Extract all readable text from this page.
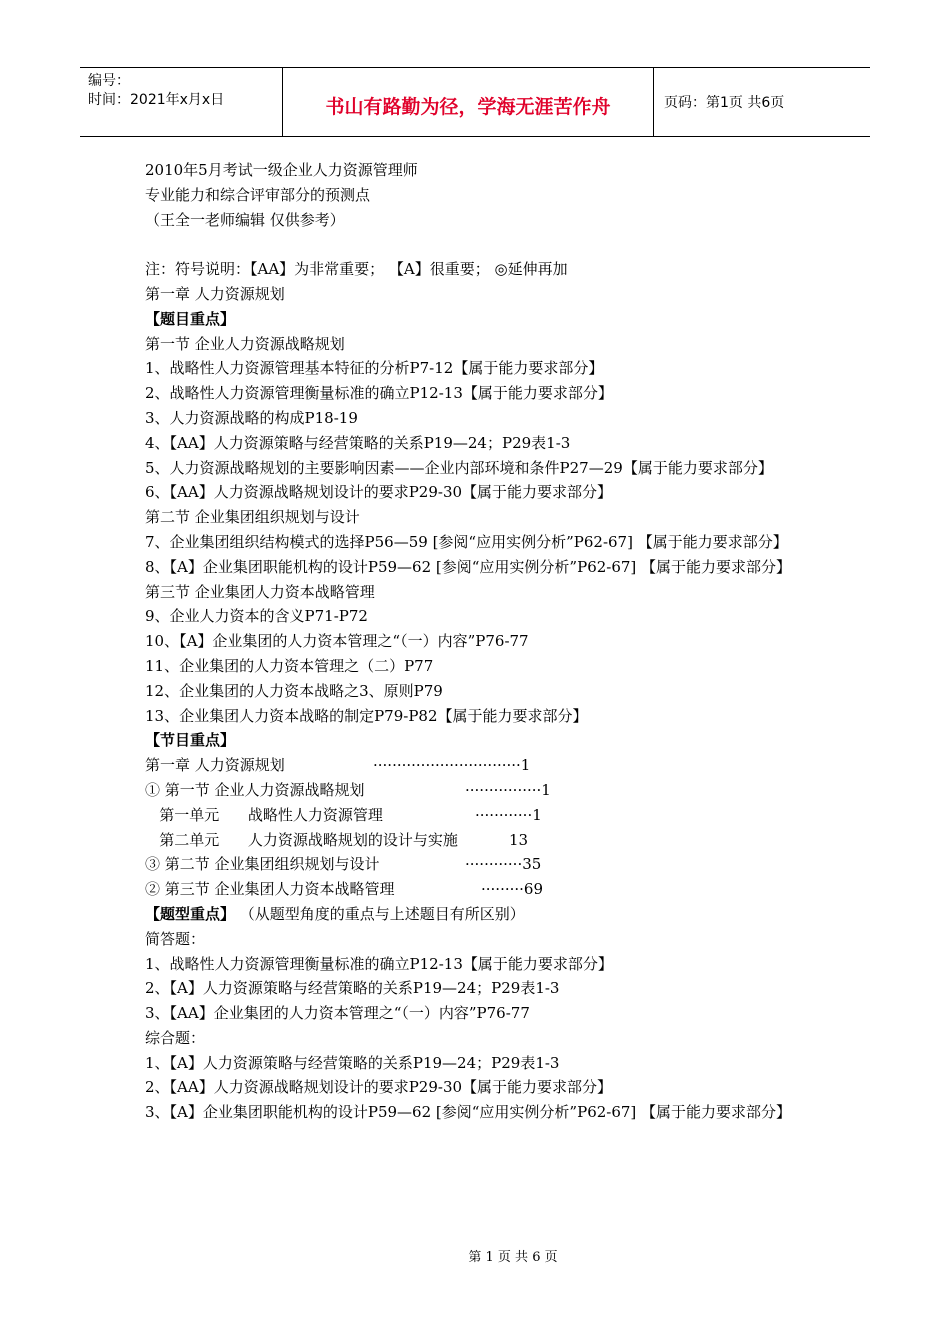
编号：
时间：2021年x月x日	书山有路勤为径，学海无涯苦作舟	页码：第1页 共6页
2010年5月考试一级企业人力资源管理师
专业能力和综合评审部分的预测点
（王全一老师编辑 仅供参考）
注：符号说明：【AA】为非常重要； 【A】很重要； ◎延伸再加
第一章 人力资源规划
【题目重点】
第一节 企业人力资源战略规划
1、战略性人力资源管理基本特征的分析P7-12【属于能力要求部分】
2、战略性人力资源管理衡量标准的确立P12-13【属于能力要求部分】
3、人力资源战略的构成P18-19
4、【AA】人力资源策略与经营策略的关系P19—24；P29表1-3
5、人力资源战略规划的主要影响因素——企业内部环境和条件P27—29【属于能力要求部分】
6、【AA】人力资源战略规划设计的要求P29-30【属于能力要求部分】
第二节 企业集团组织规划与设计
7、企业集团组织结构模式的选择P56—59 [参阅“应用实例分析”P62-67] 【属于能力要求部分】
8、【A】企业集团职能机构的设计P59—62 [参阅“应用实例分析”P62-67] 【属于能力要求部分】
第三节 企业集团人力资本战略管理
9、企业人力资本的含义P71-P72
10、【A】企业集团的人力资本管理之“（一）内容”P76-77
11、企业集团的人力资本管理之（二）P77
12、企业集团的人力资本战略之3、原则P79
13、企业集团人力资本战略的制定P79-P82【属于能力要求部分】
【节目重点】
第一章 人力资源规划	·······························1
① 第一节 企业人力资源战略规划	················1
第一单元      战略性人力资源管理	············1
第二单元      人力资源战略规划的设计与实施	13
③ 第二节 企业集团组织规划与设计	············35
② 第三节 企业集团人力资本战略管理	·········69
【题型重点】 （从题型角度的重点与上述题目有所区别）
简答题：
1、战略性人力资源管理衡量标准的确立P12-13【属于能力要求部分】
2、【A】人力资源策略与经营策略的关系P19—24；P29表1-3
3、【AA】企业集团的人力资本管理之“（一）内容”P76-77
综合题：
1、【A】人力资源策略与经营策略的关系P19—24；P29表1-3
2、【AA】人力资源战略规划设计的要求P29-30【属于能力要求部分】
3、【A】企业集团职能机构的设计P59—62 [参阅“应用实例分析”P62-67] 【属于能力要求部分】
第 1 页 共 6 页
